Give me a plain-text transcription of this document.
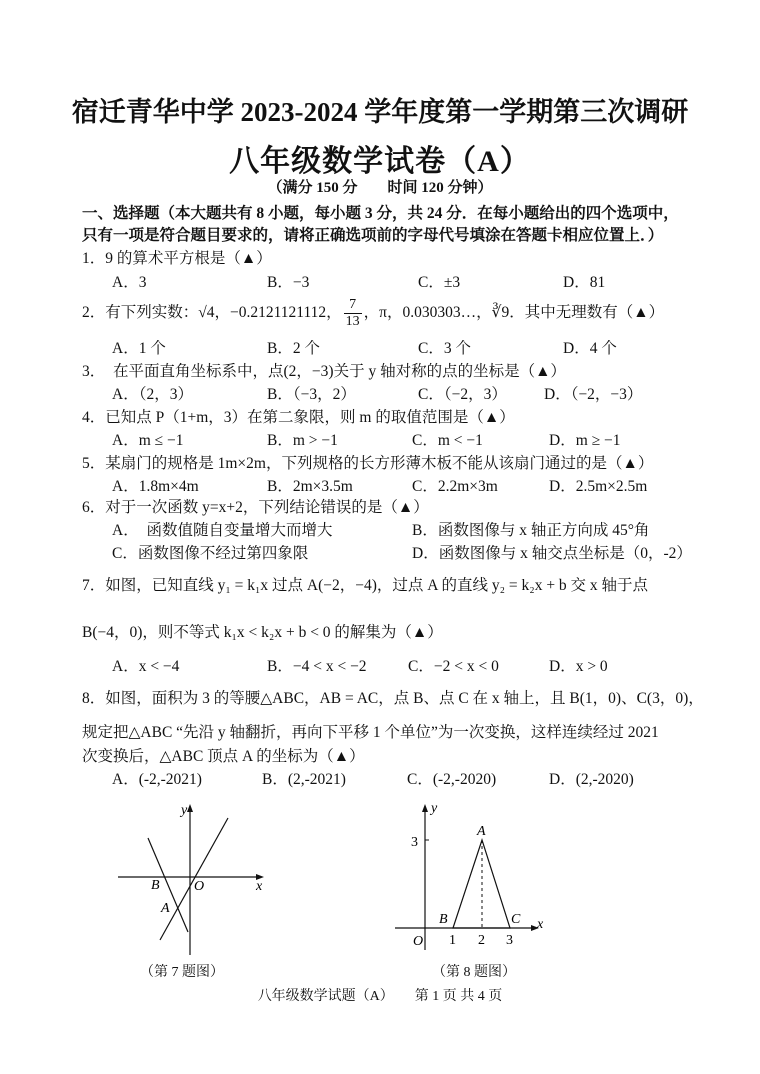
宿迁青华中学 2023-2024 学年度第一学期第三次调研
八年级数学试卷（A）
（满分 150 分　　时间 120 分钟）
一、选择题（本大题共有 8 小题，每小题 3 分，共 24 分．在每小题给出的四个选项中，
只有一项是符合题目要求的，请将正确选项前的字母代号填涂在答题卡相应位置上．）
1．9 的算术平方根是（▲）
A．3	B．−3	C．±3	D．81
2．有下列实数：√4，−0.2121121112， $\frac{7}{13}$ ，π，0.030303…，∛9．其中无理数有（▲）
A．1 个	B．2 个	C．3 个	D．4 个
3．　在平面直角坐标系中，点(2，−3)关于 y 轴对称的点的坐标是（▲）
A．（2，3）	B．（−3，2）	C．（−2，3） D．（−2，−3）
4．已知点 P（1+m，3）在第二象限，则 m 的取值范围是（▲）
A．m ≤ −1	B．m > −1	C．m < −1	D．m ≥ −1
5．某扇门的规格是 1m×2m，下列规格的长方形薄木板不能从该扇门通过的是（▲）
A．1.8m×4m	B．2m×3.5m	C．2.2m×3m	D．2.5m×2.5m
6．对于一次函数 y=x+2，下列结论错误的是（▲）
A．　函数值随自变量增大而增大	B．函数图像与 x 轴正方向成 45°角
C．函数图像不经过第四象限	D．函数图像与 x 轴交点坐标是（0，-2）
7．如图，已知直线 y₁ = k₁x 过点 A(−2，−4)，过点 A 的直线 y₂ = k₂x + b 交 x 轴于点
B(−4，0)，则不等式 k₁x < k₂x + b < 0 的解集为（▲）
A．x < −4	B．−4 < x < −2	C．−2 < x < 0	D．x > 0
8．如图，面积为 3 的等腰△ABC，AB = AC，点 B、点 C 在 x 轴上，且 B(1，0)、C(3，0)，
规定把△ABC “先沿 y 轴翻折，再向下平移 1 个单位”为一次变换，这样连续经过 2021
次变换后，△ABC 顶点 A 的坐标为（▲）
A．(-2,-2021)	B．(2,-2021)	C．(-2,-2020)	D．(2,-2020)
y
x
O
B
A
（第 7 题图）
y
x
O
A
B	C
3
1 2 3
（第 8 题图）
八年级数学试题（A）　　第 1 页 共 4 页
